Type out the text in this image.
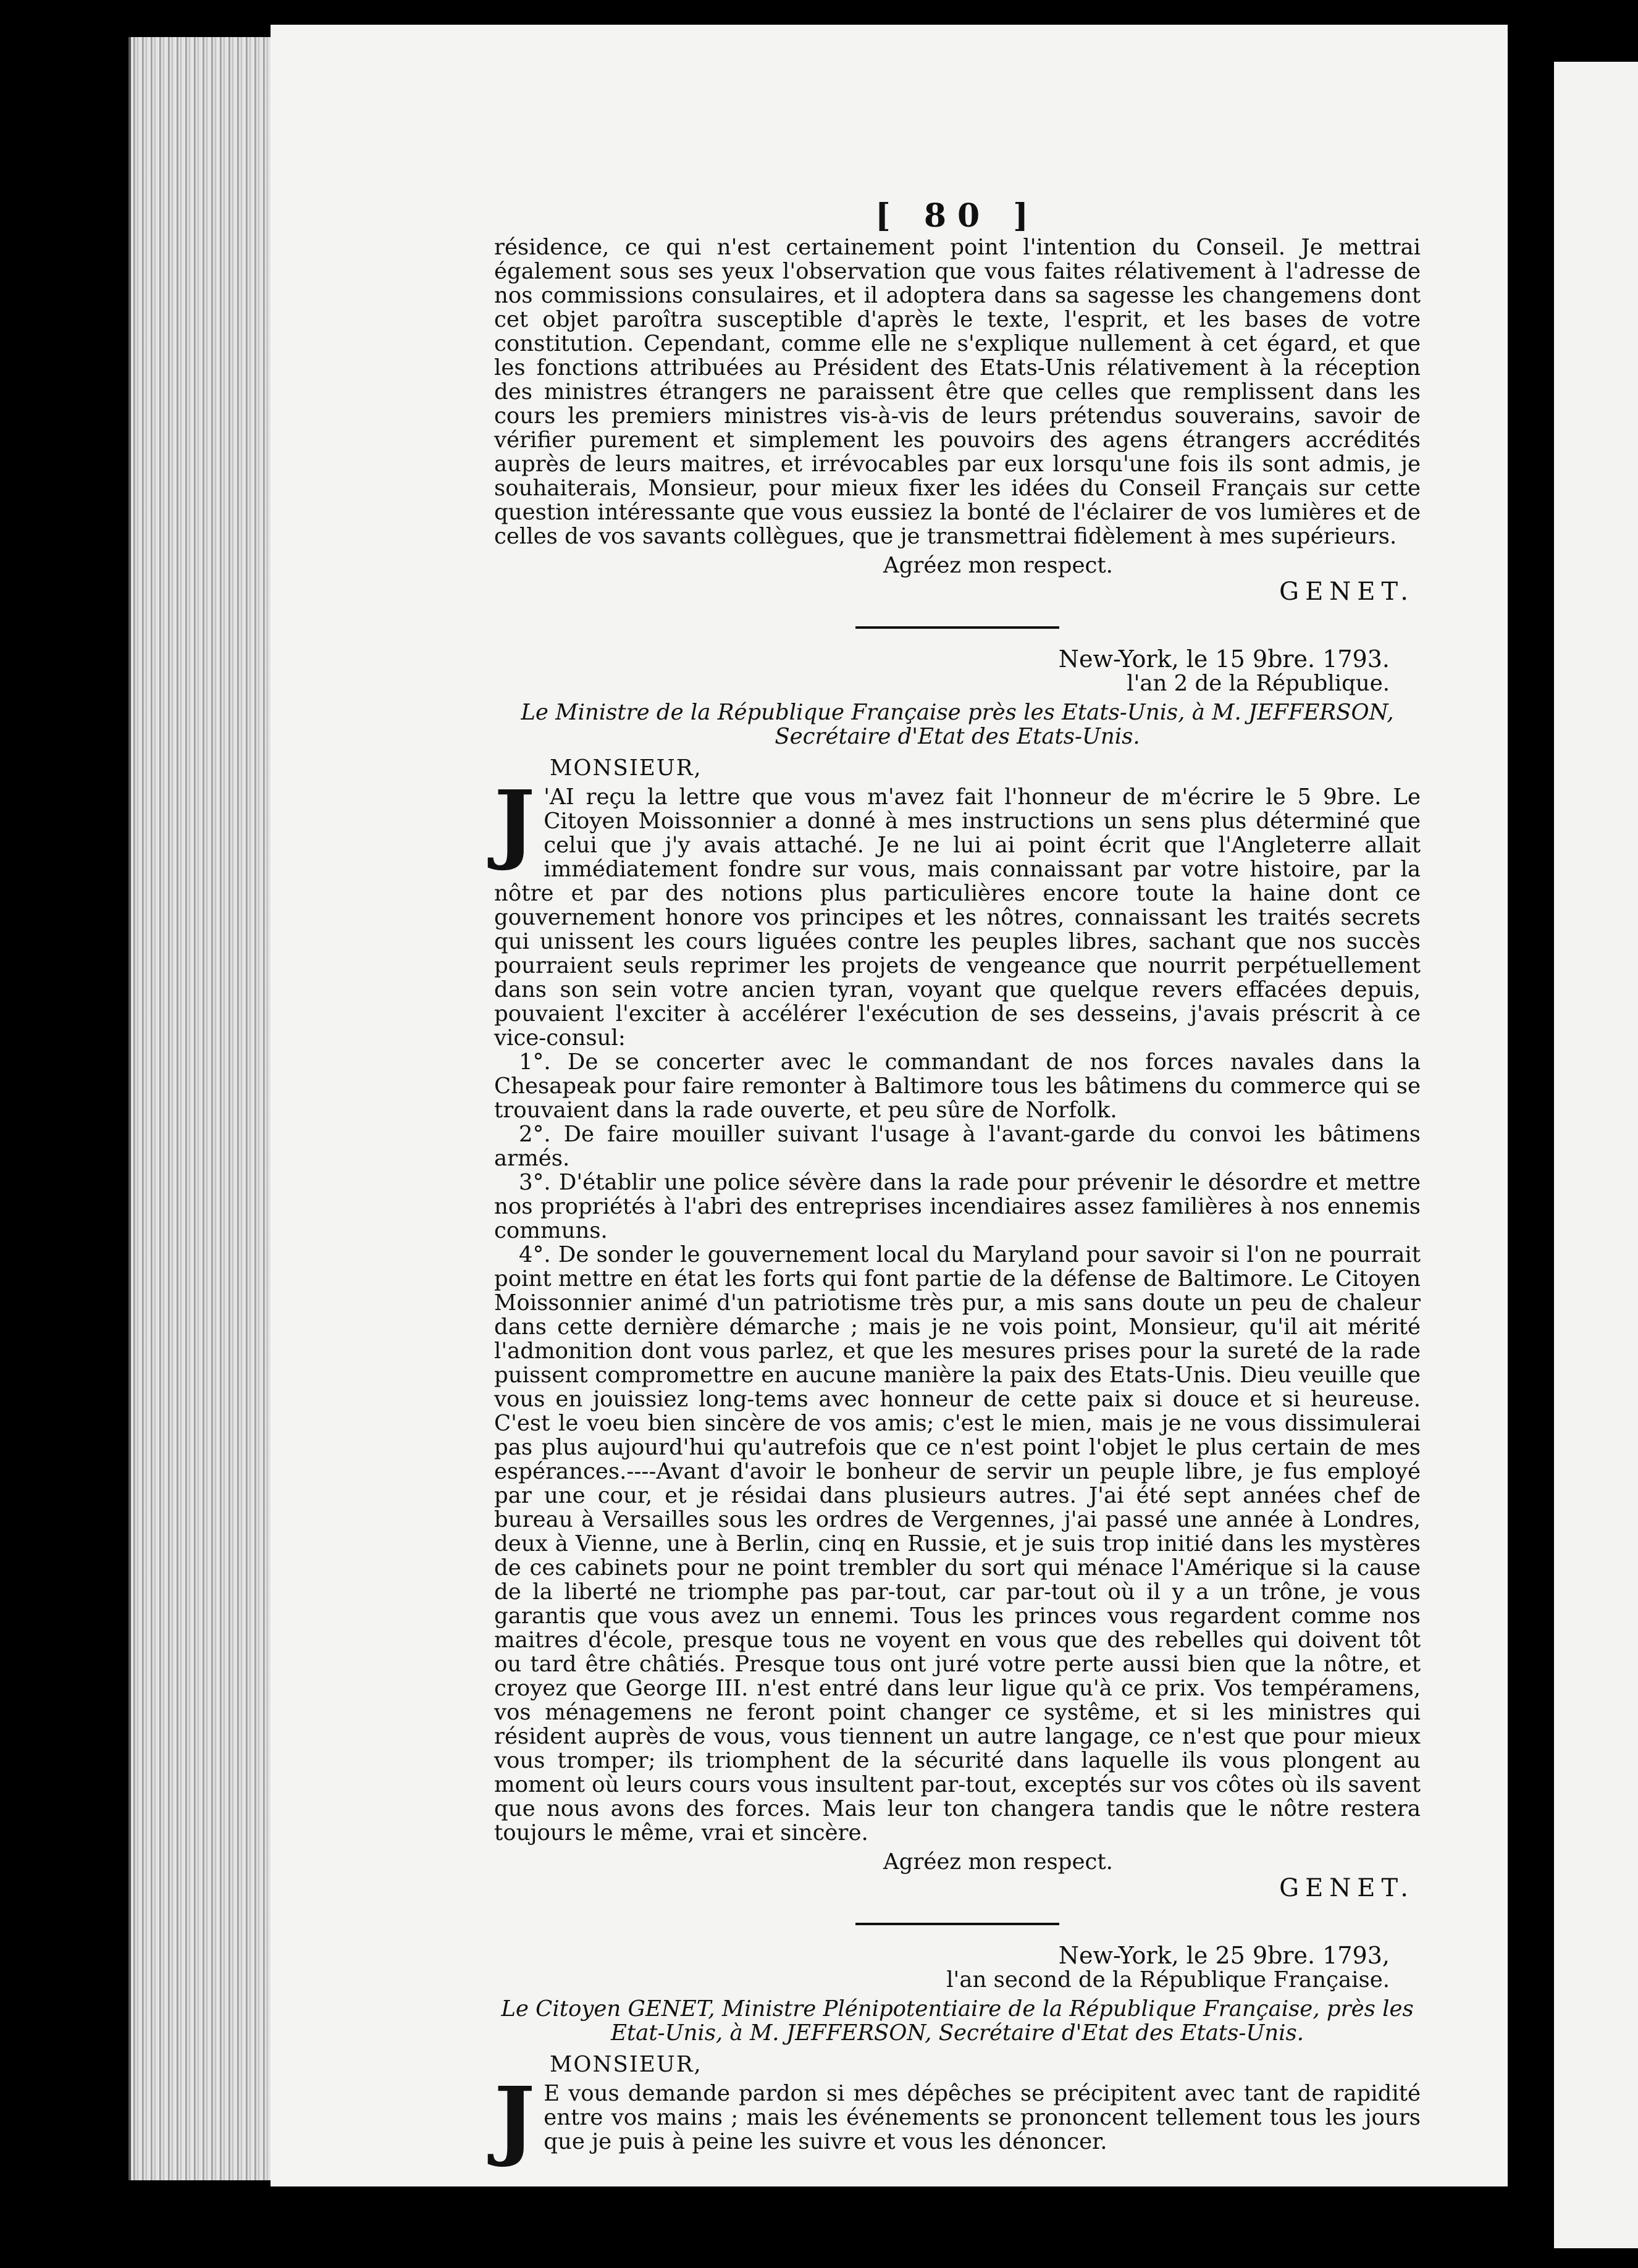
[ 80 ]

résidence, ce qui n'est certainement point l'intention du Conseil. Je mettrai également sous ses yeux l'observation que vous faites rélativement à l'adresse de nos commissions consulaires, et il adoptera dans sa sagesse les changemens dont cet objet paroîtra susceptible d'après le texte, l'esprit, et les bases de votre constitution. Cependant, comme elle ne s'explique nullement à cet égard, et que les fonctions attribuées au Président des Etats-Unis rélativement à la réception des ministres étrangers ne paraissent être que celles que remplissent dans les cours les premiers ministres vis-à-vis de leurs prétendus souverains, savoir de vérifier purement et simplement les pouvoirs des agens étrangers accrédités auprès de leurs maitres, et irrévocables par eux lorsqu'une fois ils sont admis, je souhaiterais, Monsieur, pour mieux fixer les idées du Conseil Français sur cette question intéressante que vous eussiez la bonté de l'éclairer de vos lumières et de celles de vos savants collègues, que je transmettrai fidèlement à mes supérieurs.

Agréez mon respect.

GENET.

New-York, le 15 9bre. 1793.

l'an 2 de la République.

Le Ministre de la République Française près les Etats-Unis, à M. JEFFERSON, Secrétaire d'Etat des Etats-Unis.

MONSIEUR,

J 'AI reçu la lettre que vous m'avez fait l'honneur de m'écrire le 5 9bre. Le Citoyen Moissonnier a donné à mes instructions un sens plus déterminé que celui que j'y avais attaché. Je ne lui ai point écrit que l'Angleterre allait immédiatement fondre sur vous, mais connaissant par votre histoire, par la nôtre et par des notions plus particulières encore toute la haine dont ce gouvernement honore vos principes et les nôtres, connaissant les traités secrets qui unissent les cours liguées contre les peuples libres, sachant que nos succès pourraient seuls reprimer les projets de vengeance que nourrit perpétuellement dans son sein votre ancien tyran, voyant que quelque revers effacées depuis, pouvaient l'exciter à accélérer l'exécution de ses desseins, j'avais préscrit à ce vice-consul:

1°. De se concerter avec le commandant de nos forces navales dans la Chesapeak pour faire remonter à Baltimore tous les bâtimens du commerce qui se trouvaient dans la rade ouverte, et peu sûre de Norfolk.

2°. De faire mouiller suivant l'usage à l'avant-garde du convoi les bâtimens armés.

3°. D'établir une police sévère dans la rade pour prévenir le désordre et mettre nos propriétés à l'abri des entreprises incendiaires assez familières à nos ennemis communs.

4°. De sonder le gouvernement local du Maryland pour savoir si l'on ne pourrait point mettre en état les forts qui font partie de la défense de Baltimore. Le Citoyen Moissonnier animé d'un patriotisme très pur, a mis sans doute un peu de chaleur dans cette dernière démarche ; mais je ne vois point, Monsieur, qu'il ait mérité l'admonition dont vous parlez, et que les mesures prises pour la sureté de la rade puissent compromettre en aucune manière la paix des Etats-Unis. Dieu veuille que vous en jouissiez long-tems avec honneur de cette paix si douce et si heureuse. C'est le voeu bien sincère de vos amis; c'est le mien, mais je ne vous dissimulerai pas plus aujourd'hui qu'autrefois que ce n'est point l'objet le plus certain de mes espérances.----Avant d'avoir le bonheur de servir un peuple libre, je fus employé par une cour, et je résidai dans plusieurs autres. J'ai été sept années chef de bureau à Versailles sous les ordres de Vergennes, j'ai passé une année à Londres, deux à Vienne, une à Berlin, cinq en Russie, et je suis trop initié dans les mystères de ces cabinets pour ne point trembler du sort qui ménace l'Amérique si la cause de la liberté ne triomphe pas par-tout, car par-tout où il y a un trône, je vous garantis que vous avez un ennemi. Tous les princes vous regardent comme nos maitres d'école, presque tous ne voyent en vous que des rebelles qui doivent tôt ou tard être châtiés. Presque tous ont juré votre perte aussi bien que la nôtre, et croyez que George III. n'est entré dans leur ligue qu'à ce prix. Vos tempéramens, vos ménagemens ne feront point changer ce systême, et si les ministres qui résident auprès de vous, vous tiennent un autre langage, ce n'est que pour mieux vous tromper; ils triomphent de la sécurité dans laquelle ils vous plongent au moment où leurs cours vous insultent par-tout, exceptés sur vos côtes où ils savent que nous avons des forces. Mais leur ton changera tandis que le nôtre restera toujours le même, vrai et sincère.

Agréez mon respect.

GENET.

New-York, le 25 9bre. 1793,

l'an second de la République Française.

Le Citoyen GENET, Ministre Plénipotentiaire de la République Française, près les Etat-Unis, à M. JEFFERSON, Secrétaire d'Etat des Etats-Unis.

MONSIEUR,

J E vous demande pardon si mes dépêches se précipitent avec tant de rapidité entre vos mains ; mais les événements se prononcent tellement tous les jours que je puis à peine les suivre et vous les dénoncer.
